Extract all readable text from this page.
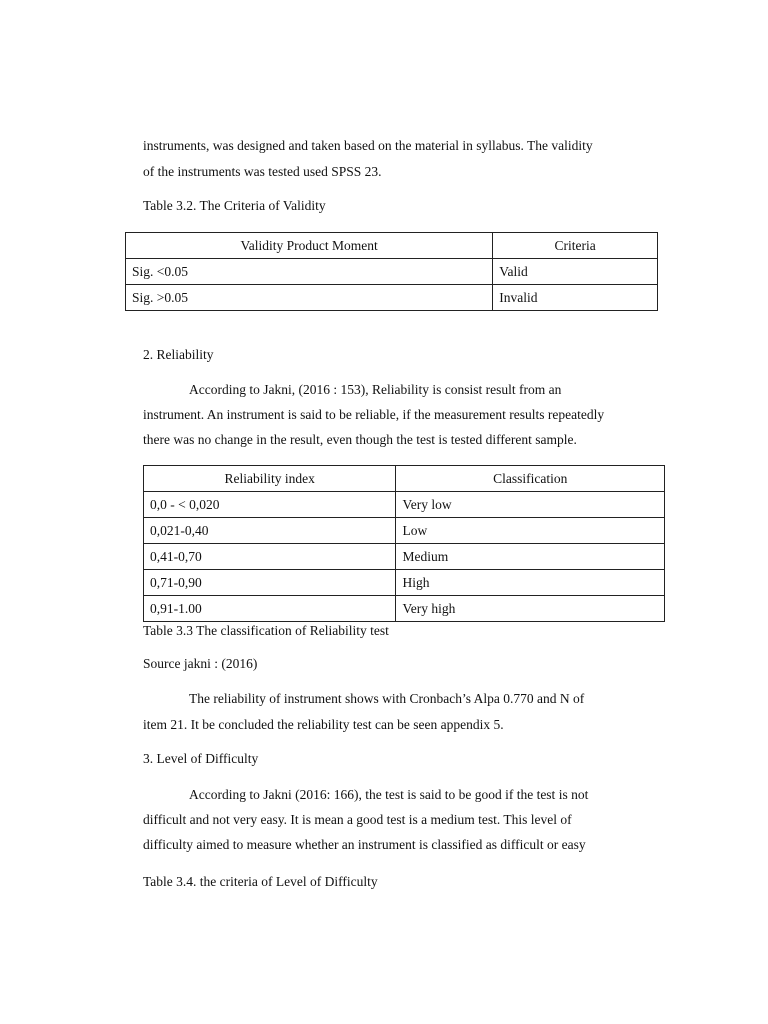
instruments, was designed and taken based on the material in syllabus. The validity
of the instruments was tested used SPSS 23.
Table 3.2. The Criteria of Validity
Validity Product Moment	Criteria
Sig. <0.05	Valid
Sig. >0.05	Invalid
2. Reliability
According to Jakni, (2016 : 153), Reliability is consist result from an
instrument. An instrument is said to be reliable, if the measurement results repeatedly
there was no change in the result, even though the test is tested different sample.
Reliability index	Classification
0,0 - < 0,020	Very low
0,021-0,40	Low
0,41-0,70	Medium
0,71-0,90	High
0,91-1.00	Very high
Table 3.3 The classification of Reliability test
Source jakni : (2016)
The reliability of instrument shows with Cronbach’s Alpa 0.770 and N of
item 21. It be concluded the reliability test can be seen appendix 5.
3. Level of Difficulty
According to Jakni (2016: 166), the test is said to be good if the test is not
difficult and not very easy. It is mean a good test is a medium test. This level of
difficulty aimed to measure whether an instrument is classified as difficult or easy
Table 3.4. the criteria of Level of Difficulty
